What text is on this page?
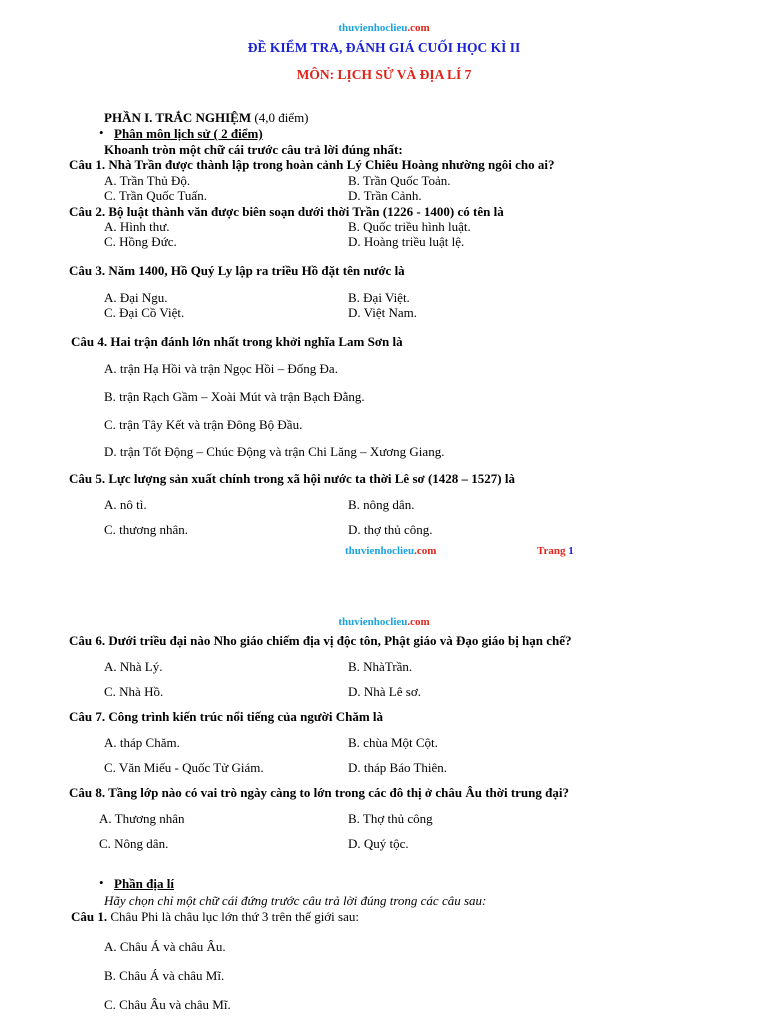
thuvienhoclieu.com
ĐỀ KIỂM TRA, ĐÁNH GIÁ CUỐI HỌC KÌ II
MÔN: LỊCH SỬ VÀ ĐỊA LÍ 7
PHẦN I. TRẮC NGHIỆM (4,0 điểm)
• Phân môn lịch sử ( 2 điểm)
Khoanh tròn một chữ cái trước câu trả lời đúng nhất:
Câu 1. Nhà Trần được thành lập trong hoàn cảnh Lý Chiêu Hoàng nhường ngôi cho ai?
A. Trần Thủ Độ.	B. Trần Quốc Toản.
C. Trần Quốc Tuấn.	D. Trần Cảnh.
Câu 2. Bộ luật thành văn được biên soạn dưới thời Trần (1226 - 1400) có tên là
A. Hình thư.	B. Quốc triều hình luật.
C. Hồng Đức.	D. Hoàng triều luật lệ.
Câu 3. Năm 1400, Hồ Quý Ly lập ra triều Hồ đặt tên nước là
A. Đại Ngu.	B. Đại Việt.
C. Đại Cồ Việt.	D. Việt Nam.
Câu 4. Hai trận đánh lớn nhất trong khởi nghĩa Lam Sơn là
A. trận Hạ Hồi và trận Ngọc Hồi – Đống Đa.
B. trận Rạch Gầm – Xoài Mút và trận Bạch Đằng.
C. trận Tây Kết và trận Đông Bộ Đầu.
D. trận Tốt Động – Chúc Động và trận Chi Lăng – Xương Giang.
Câu 5. Lực lượng sản xuất chính trong xã hội nước ta thời Lê sơ (1428 – 1527) là
A. nô tì.	B. nông dân.
C. thương nhân.	D. thợ thủ công.
thuvienhoclieu.com	Trang 1
thuvienhoclieu.com
Câu 6. Dưới triều đại nào Nho giáo chiếm địa vị độc tôn, Phật giáo và Đạo giáo bị hạn chế?
A. Nhà Lý.	B. NhàTrần.
C. Nhà Hồ.	D. Nhà Lê sơ.
Câu 7. Công trình kiến trúc nổi tiếng của người Chăm là
A. tháp Chăm.	B. chùa Một Cột.
C. Văn Miếu - Quốc Tử Giám.	D. tháp Báo Thiên.
Câu 8. Tầng lớp nào có vai trò ngày càng to lớn trong các đô thị ở châu Âu thời trung đại?
A. Thương nhân	B. Thợ thủ công
C. Nông dân.	D. Quý tộc.
• Phần địa lí
Hãy chọn chỉ một chữ cái đứng trước câu trả lời đúng trong các câu sau:
Câu 1. Châu Phi là châu lục lớn thứ 3 trên thế giới sau:
A. Châu Á và châu Âu.
B. Châu Á và châu Mĩ.
C. Châu Âu và châu Mĩ.
